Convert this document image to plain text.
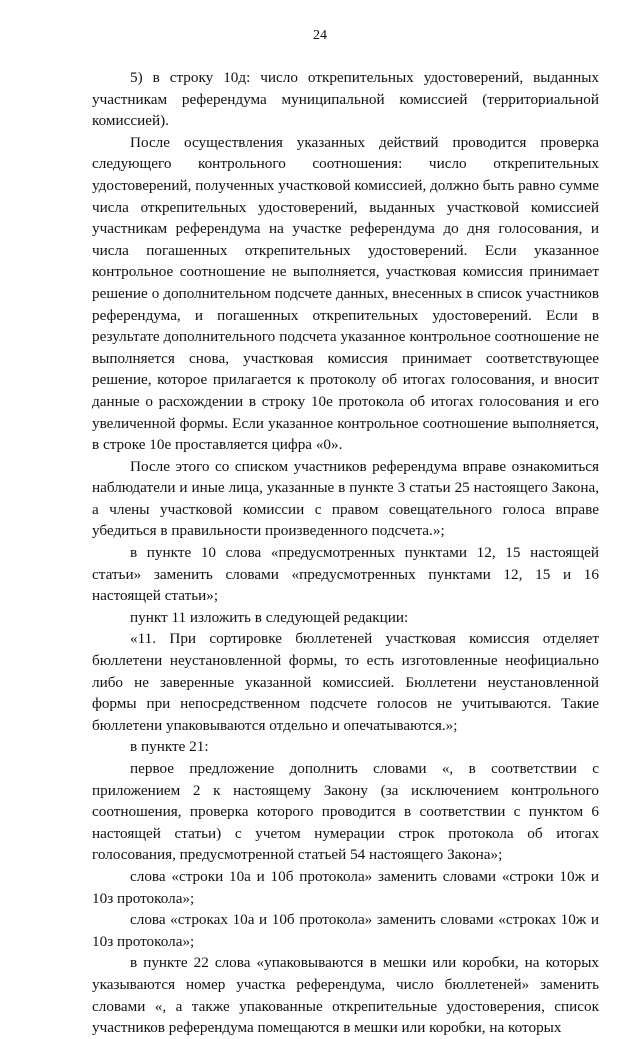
24

5) в строку 10д: число открепительных удостоверений, выданных участникам референдума муниципальной комиссией (территориальной комиссией).

После осуществления указанных действий проводится проверка следующего контрольного соотношения: число открепительных удостоверений, полученных участковой комиссией, должно быть равно сумме числа открепительных удостоверений, выданных участковой комиссией участникам референдума на участке референдума до дня голосования, и числа погашенных открепительных удостоверений. Если указанное контрольное соотношение не выполняется, участковая комиссия принимает решение о дополнительном подсчете данных, внесенных в список участников референдума, и погашенных открепительных удостоверений. Если в результате дополнительного подсчета указанное контрольное соотношение не выполняется снова, участковая комиссия принимает соответствующее решение, которое прилагается к протоколу об итогах голосования, и вносит данные о расхождении в строку 10е протокола об итогах голосования и его увеличенной формы. Если указанное контрольное соотношение выполняется, в строке 10е проставляется цифра «0».

После этого со списком участников референдума вправе ознакомиться наблюдатели и иные лица, указанные в пункте 3 статьи 25 настоящего Закона, а члены участковой комиссии с правом совещательного голоса вправе убедиться в правильности произведенного подсчета.»;

в пункте 10 слова «предусмотренных пунктами 12, 15 настоящей статьи» заменить словами «предусмотренных пунктами 12, 15 и 16 настоящей статьи»;

пункт 11 изложить в следующей редакции:

«11. При сортировке бюллетеней участковая комиссия отделяет бюллетени неустановленной формы, то есть изготовленные неофициально либо не заверенные указанной комиссией. Бюллетени неустановленной формы при непосредственном подсчете голосов не учитываются. Такие бюллетени упаковываются отдельно и опечатываются.»;

в пункте 21:

первое предложение дополнить словами «, в соответствии с приложением 2 к настоящему Закону (за исключением контрольного соотношения, проверка которого проводится в соответствии с пунктом 6 настоящей статьи) с учетом нумерации строк протокола об итогах голосования, предусмотренной статьей 54 настоящего Закона»;

слова «строки 10а и 10б протокола» заменить словами «строки 10ж и 10з протокола»;

слова «строках 10а и 10б протокола» заменить словами «строках 10ж и 10з протокола»;

в пункте 22 слова «упаковываются в мешки или коробки, на которых указываются номер участка референдума, число бюллетеней» заменить словами «, а также упакованные открепительные удостоверения, список участников референдума помещаются в мешки или коробки, на которых
